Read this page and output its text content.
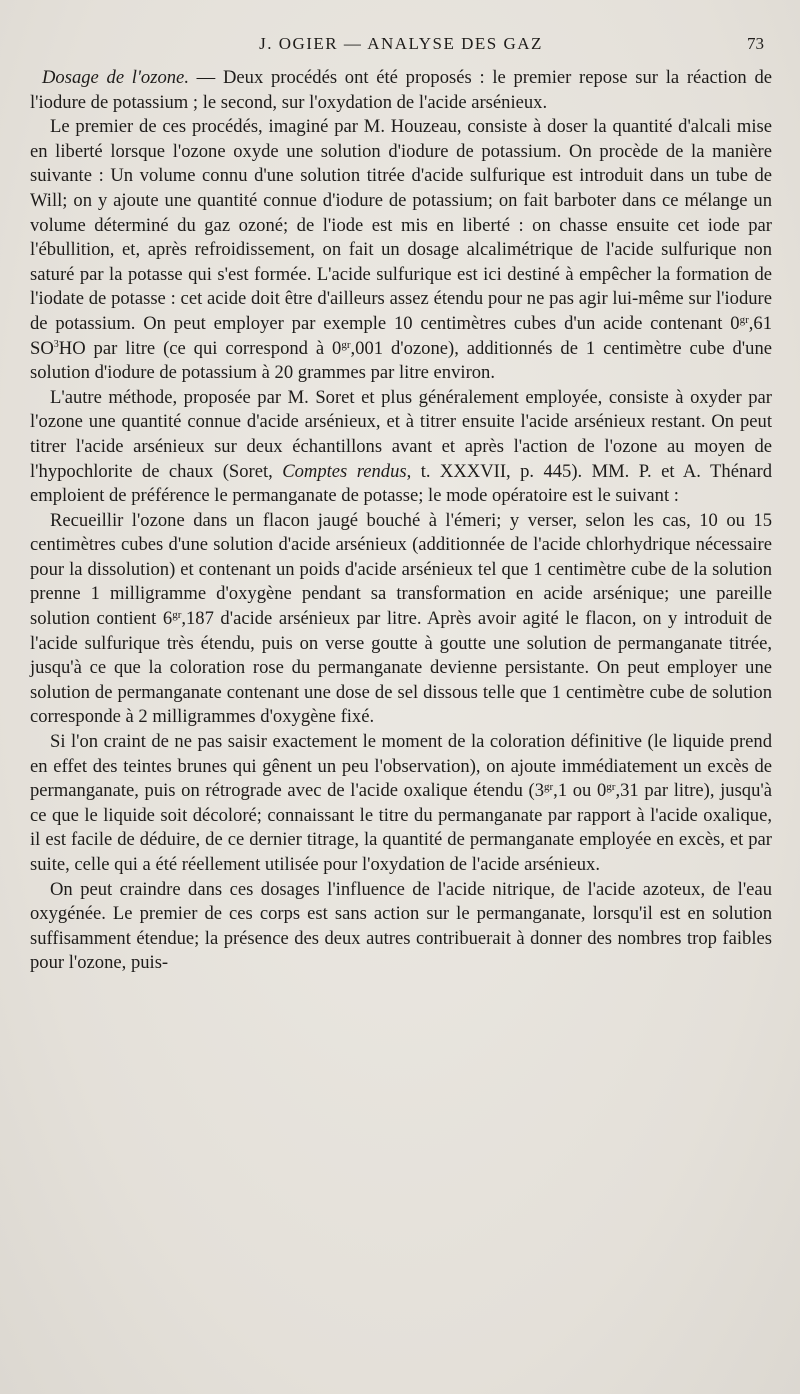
J. OGIER — ANALYSE DES GAZ	73

Dosage de l'ozone. — Deux procédés ont été proposés : le premier repose sur la réaction de l'iodure de potassium ; le second, sur l'oxydation de l'acide arsénieux.

Le premier de ces procédés, imaginé par M. Houzeau, consiste à doser la quantité d'alcali mise en liberté lorsque l'ozone oxyde une solution d'iodure de potassium. On procède de la manière suivante : Un volume connu d'une solution titrée d'acide sulfurique est introduit dans un tube de Will; on y ajoute une quantité connue d'iodure de potassium; on fait barboter dans ce mélange un volume déterminé du gaz ozoné; de l'iode est mis en liberté : on chasse ensuite cet iode par l'ébullition, et, après refroidissement, on fait un dosage alcalimétrique de l'acide sulfurique non saturé par la potasse qui s'est formée. L'acide sulfurique est ici destiné à empêcher la formation de l'iodate de potasse : cet acide doit être d'ailleurs assez étendu pour ne pas agir lui-même sur l'iodure de potassium. On peut employer par exemple 10 centimètres cubes d'un acide contenant $0^{gr},61$ $SO^3HO$ par litre (ce qui correspond à $0^{gr},001$ d'ozone), additionnés de 1 centimètre cube d'une solution d'iodure de potassium à 20 grammes par litre environ.

L'autre méthode, proposée par M. Soret et plus généralement employée, consiste à oxyder par l'ozone une quantité connue d'acide arsénieux, et à titrer ensuite l'acide arsénieux restant. On peut titrer l'acide arsénieux sur deux échantillons avant et après l'action de l'ozone au moyen de l'hypochlorite de chaux (Soret, Comptes rendus, t. XXXVII, p. 445). MM. P. et A. Thénard emploient de préférence le permanganate de potasse; le mode opératoire est le suivant :

Recueillir l'ozone dans un flacon jaugé bouché à l'émeri; y verser, selon les cas, 10 ou 15 centimètres cubes d'une solution d'acide arsénieux (additionnée de l'acide chlorhydrique nécessaire pour la dissolution) et contenant un poids d'acide arsénieux tel que 1 centimètre cube de la solution prenne 1 milligramme d'oxygène pendant sa transformation en acide arsénique; une pareille solution contient $6^{gr},187$ d'acide arsénieux par litre. Après avoir agité le flacon, on y introduit de l'acide sulfurique très étendu, puis on verse goutte à goutte une solution de permanganate titrée, jusqu'à ce que la coloration rose du permanganate devienne persistante. On peut employer une solution de permanganate contenant une dose de sel dissous telle que 1 centimètre cube de solution corresponde à 2 milligrammes d'oxygène fixé.

Si l'on craint de ne pas saisir exactement le moment de la coloration définitive (le liquide prend en effet des teintes brunes qui gênent un peu l'observation), on ajoute immédiatement un excès de permanganate, puis on rétrograde avec de l'acide oxalique étendu ($3^{gr},1$ ou $0^{gr},31$ par litre), jusqu'à ce que le liquide soit décoloré; connaissant le titre du permanganate par rapport à l'acide oxalique, il est facile de déduire, de ce dernier titrage, la quantité de permanganate employée en excès, et par suite, celle qui a été réellement utilisée pour l'oxydation de l'acide arsénieux.

On peut craindre dans ces dosages l'influence de l'acide nitrique, de l'acide azoteux, de l'eau oxygénée. Le premier de ces corps est sans action sur le permanganate, lorsqu'il est en solution suffisamment étendue; la présence des deux autres contribuerait à donner des nombres trop faibles pour l'ozone, puis-
